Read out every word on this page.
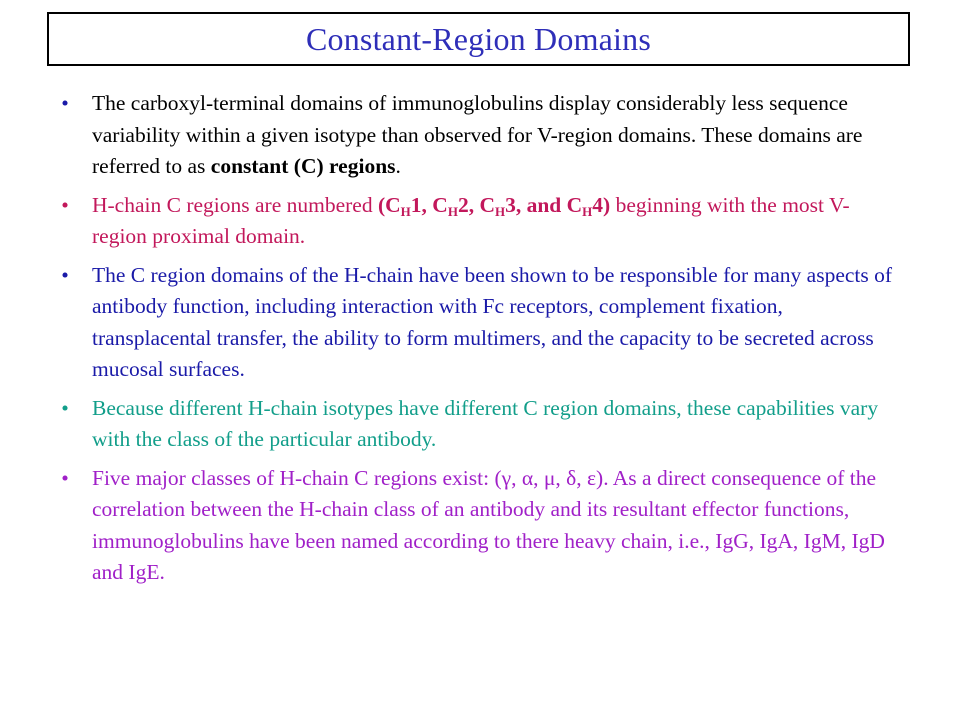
Constant-Region Domains
• The carboxyl-terminal domains of immunoglobulins display considerably less sequence variability within a given isotype than observed for V-region domains. These domains are referred to as constant (C) regions.
• H-chain C regions are numbered ($C_H1$, $C_H2$, $C_H3$, and $C_H4$) beginning with the most V-region proximal domain.
• The C region domains of the H-chain have been shown to be responsible for many aspects of antibody function, including interaction with Fc receptors, complement fixation, transplacental transfer, the ability to form multimers, and the capacity to be secreted across mucosal surfaces.
• Because different H-chain isotypes have different C region domains, these capabilities vary with the class of the particular antibody.
• Five major classes of H-chain C regions exist: (γ, α, μ, δ, ε). As a direct consequence of the correlation between the H-chain class of an antibody and its resultant effector functions, immunoglobulins have been named according to there heavy chain, i.e., IgG, IgA, IgM, IgD and IgE.
